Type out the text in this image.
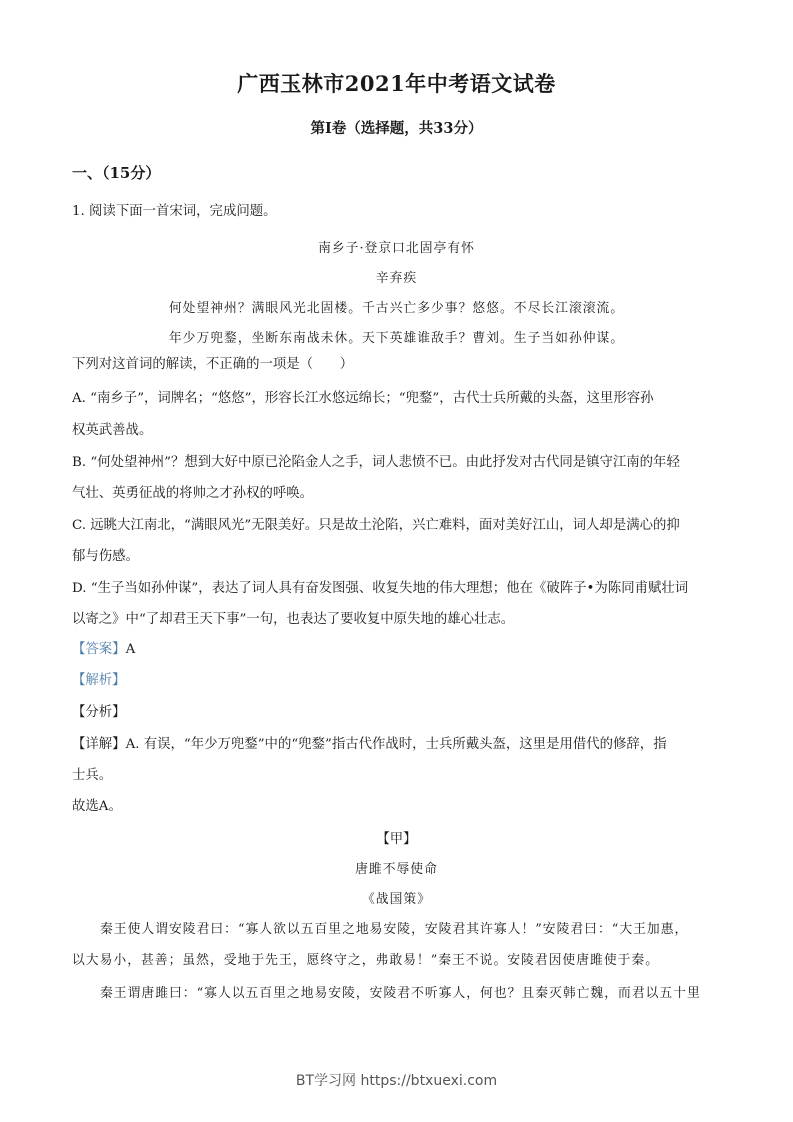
广西玉林市2021年中考语文试卷
第I卷（选择题，共33分）
一、（15分）
1. 阅读下面一首宋词，完成问题。
南乡子·登京口北固亭有怀
辛弃疾
何处望神州？满眼风光北固楼。千古兴亡多少事？悠悠。不尽长江滚滚流。
年少万兜鍪，坐断东南战未休。天下英雄谁敌手？曹刘。生子当如孙仲谋。
下列对这首词的解读，不正确的一项是（　　）
A. “南乡子”，词牌名；“悠悠”，形容长江水悠远绵长；“兜鍪”，古代士兵所戴的头盔，这里形容孙
权英武善战。
B. “何处望神州”？想到大好中原已沦陷金人之手，词人悲愤不已。由此抒发对古代同是镇守江南的年轻
气壮、英勇征战的将帅之才孙权的呼唤。
C. 远眺大江南北，“满眼风光”无限美好。只是故土沦陷，兴亡难料，面对美好江山，词人却是满心的抑
郁与伤感。
D. “生子当如孙仲谋”，表达了词人具有奋发图强、收复失地的伟大理想；他在《破阵子•为陈同甫赋壮词
以寄之》中“了却君王天下事”一句，也表达了要收复中原失地的雄心壮志。
【答案】A
【解析】
【分析】
【详解】A. 有误，“年少万兜鍪”中的“兜鍪”指古代作战时，士兵所戴头盔，这里是用借代的修辞，指
士兵。
故选A。
【甲】
唐雎不辱使命
《战国策》
秦王使人谓安陵君曰：“寡人欲以五百里之地易安陵，安陵君其许寡人！”安陵君曰：“大王加惠，
以大易小，甚善；虽然，受地于先王，愿终守之，弗敢易！”秦王不说。安陵君因使唐雎使于秦。
秦王谓唐雎曰：“寡人以五百里之地易安陵，安陵君不听寡人，何也？且秦灭韩亡魏，而君以五十里
BT学习网 https://btxuexi.com
